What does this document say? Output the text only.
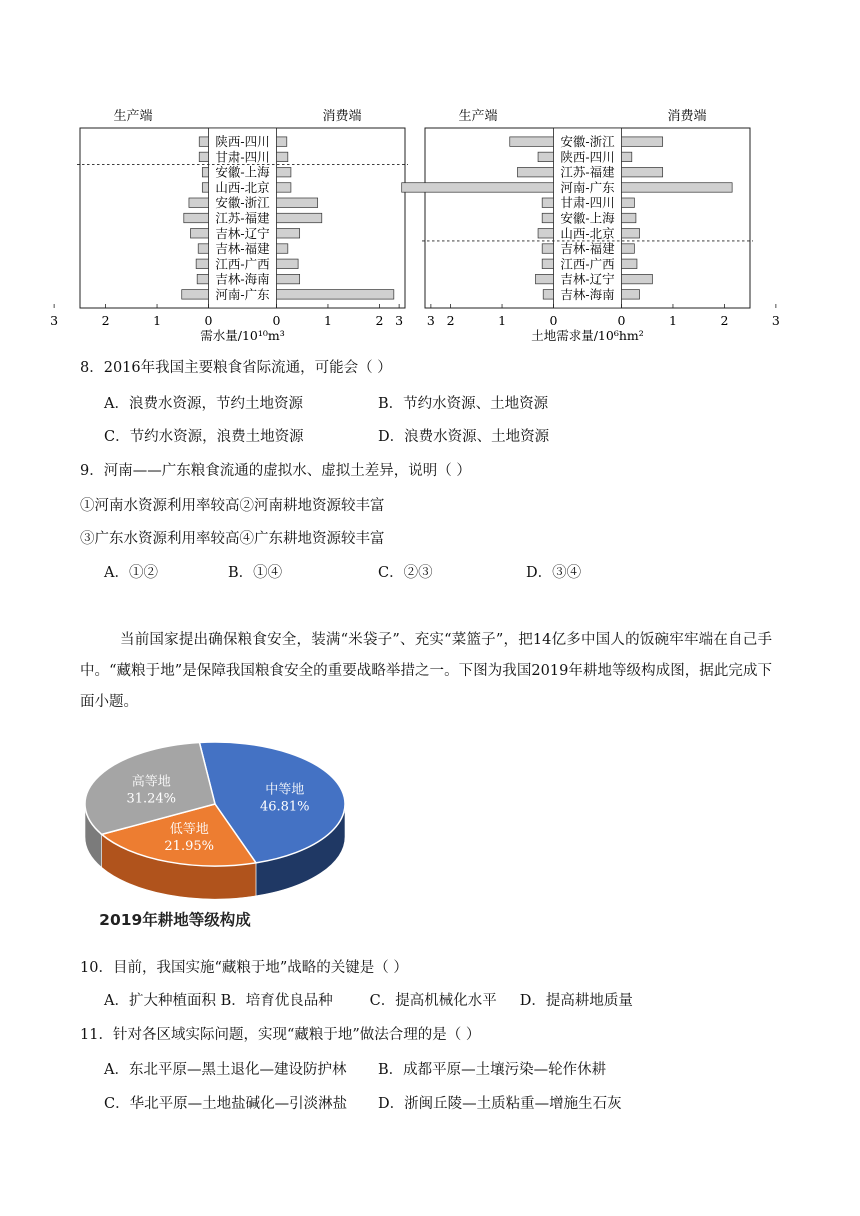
生产端	消费端
陕西-四川
甘肃-四川
安徽-上海
山西-北京
安徽-浙江
江苏-福建
吉林-辽宁
吉林-福建
江西-广西
吉林-海南
河南-广东
3	2	1	0	0	1	2	3
需水量/10¹⁰m³
生产端	消费端
安徽-浙江
陕西-四川
江苏-福建
河南-广东
甘肃-四川
安徽-上海
山西-北京
吉林-福建
江西-广西
吉林-辽宁
吉林-海南
3	2	1	0	0	1	2	3
土地需求量/10⁶hm²
8．2016年我国主要粮食省际流通，可能会（ ）
A．浪费水资源，节约土地资源	B．节约水资源、土地资源
C．节约水资源，浪费土地资源	D．浪费水资源、土地资源
9．河南——广东粮食流通的虚拟水、虚拟土差异，说明（ ）
①河南水资源利用率较高②河南耕地资源较丰富
③广东水资源利用率较高④广东耕地资源较丰富
A．①②	B．①④	C．②③	D．③④
当前国家提出确保粮食安全，装满“米袋子”、充实“菜篮子”，把14亿多中国人的饭碗牢牢端在自己手中。“藏粮于地”是保障我国粮食安全的重要战略举措之一。下图为我国2019年耕地等级构成图，据此完成下面小题。
中等地
46.81%
低等地
21.95%
高等地
31.24%
2019年耕地等级构成
10．目前，我国实施“藏粮于地”战略的关键是（ ）
A．扩大种植面积 B．培育优良品种        C．提高机械化水平     D．提高耕地质量
11．针对各区域实际问题，实现“藏粮于地”做法合理的是（ ）
A．东北平原—黑土退化—建设防护林 B．成都平原—土壤污染—轮作休耕
C．华北平原—土地盐碱化—引淡淋盐 D．浙闽丘陵—土质粘重—增施生石灰
